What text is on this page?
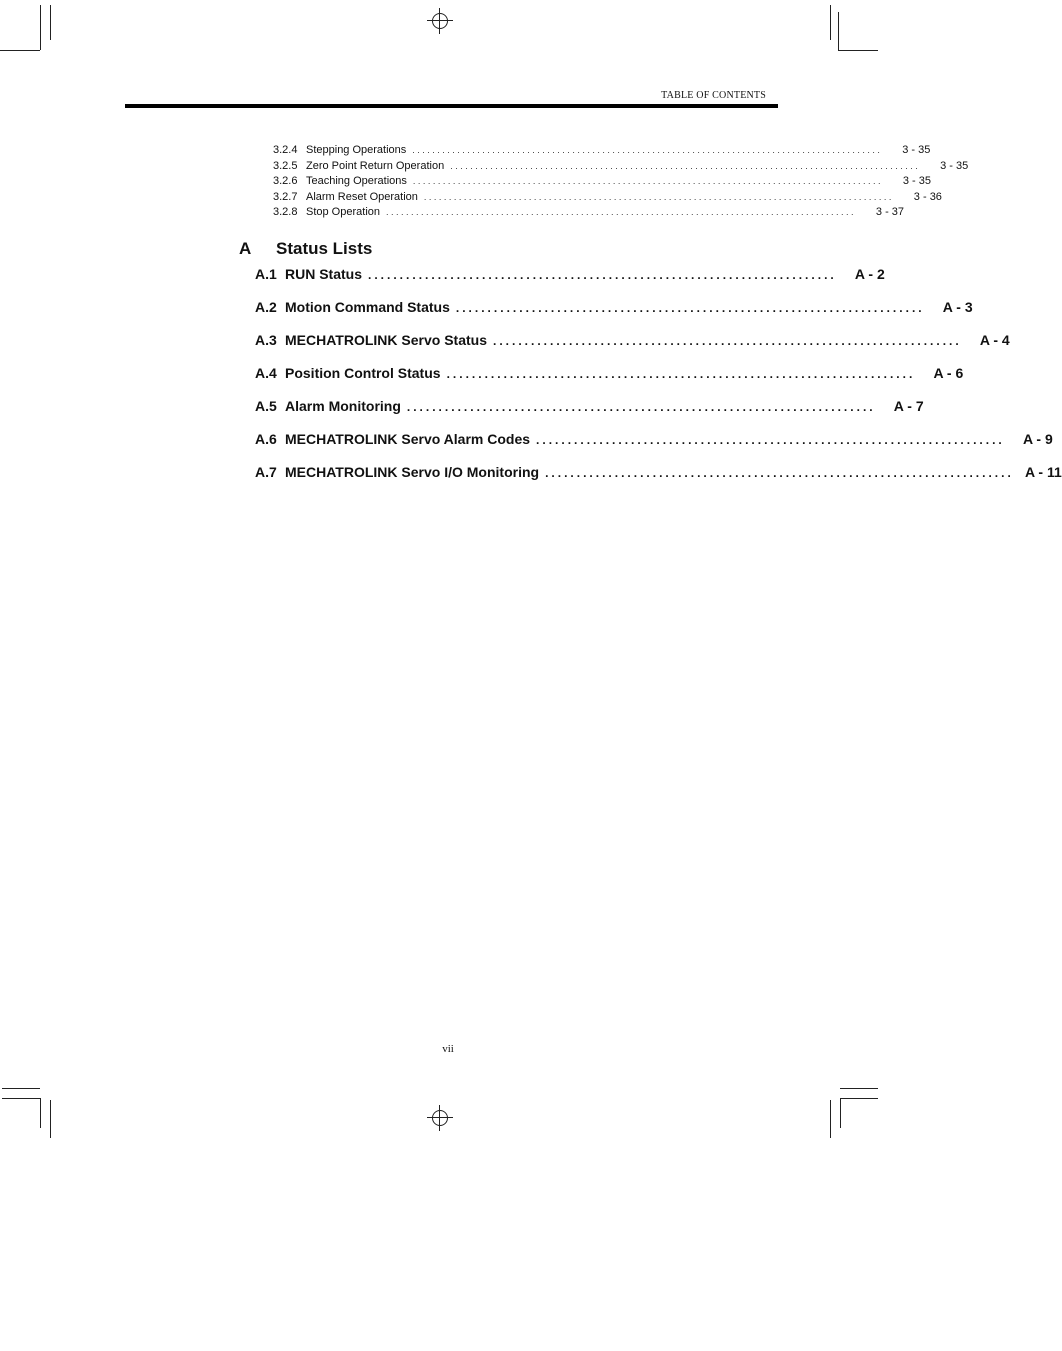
TABLE OF CONTENTS
3.2.4 Stepping Operations ..............................................................................................	3 - 35
3.2.5 Zero Point Return Operation ..............................................................................................	3 - 35
3.2.6 Teaching Operations ..............................................................................................	3 - 35
3.2.7 Alarm Reset Operation ..............................................................................................	3 - 36
3.2.8 Stop Operation ..............................................................................................	3 - 37
A Status Lists
A.1 RUN Status ..........................................................................	A - 2
A.2 Motion Command Status ..........................................................................	A - 3
A.3 MECHATROLINK Servo Status ..........................................................................	A - 4
A.4 Position Control Status ..........................................................................	A - 6
A.5 Alarm Monitoring ..........................................................................	A - 7
A.6 MECHATROLINK Servo Alarm Codes ..........................................................................	A - 9
A.7 MECHATROLINK Servo I/O Monitoring .......................................................................... A - 11
vii
